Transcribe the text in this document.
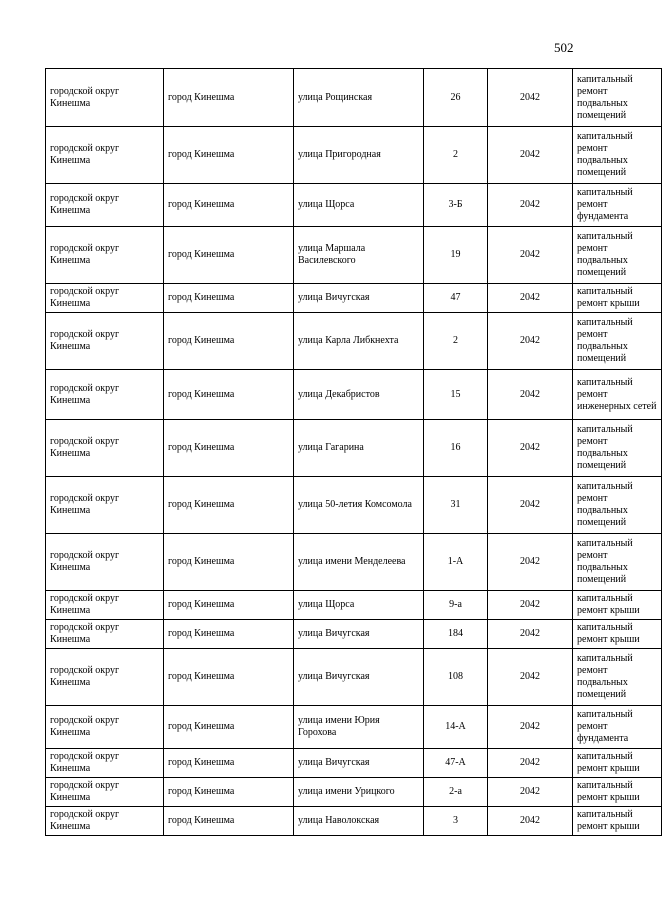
502
городской округ Кинешма	город Кинешма	улица Рощинская	26	2042	капитальный ремонт подвальных помещений
городской округ Кинешма	город Кинешма	улица Пригородная	2	2042	капитальный ремонт подвальных помещений
городской округ Кинешма	город Кинешма	улица Щорса	3-Б	2042	капитальный ремонт фундамента
городской округ Кинешма	город Кинешма	улица Маршала Василевского	19	2042	капитальный ремонт подвальных помещений
городской округ Кинешма	город Кинешма	улица Вичугская	47	2042	капитальный ремонт крыши
городской округ Кинешма	город Кинешма	улица Карла Либкнехта	2	2042	капитальный ремонт подвальных помещений
городской округ Кинешма	город Кинешма	улица Декабристов	15	2042	капитальный ремонт инженерных сетей
городской округ Кинешма	город Кинешма	улица Гагарина	16	2042	капитальный ремонт подвальных помещений
городской округ Кинешма	город Кинешма	улица 50-летия Комсомола	31	2042	капитальный ремонт подвальных помещений
городской округ Кинешма	город Кинешма	улица имени Менделеева	1-А	2042	капитальный ремонт подвальных помещений
городской округ Кинешма	город Кинешма	улица Щорса	9-а	2042	капитальный ремонт крыши
городской округ Кинешма	город Кинешма	улица Вичугская	184	2042	капитальный ремонт крыши
городской округ Кинешма	город Кинешма	улица Вичугская	108	2042	капитальный ремонт подвальных помещений
городской округ Кинешма	город Кинешма	улица имени Юрия Горохова	14-А	2042	капитальный ремонт фундамента
городской округ Кинешма	город Кинешма	улица Вичугская	47-А	2042	капитальный ремонт крыши
городской округ Кинешма	город Кинешма	улица имени Урицкого	2-а	2042	капитальный ремонт крыши
городской округ Кинешма	город Кинешма	улица Наволокская	3	2042	капитальный ремонт крыши
